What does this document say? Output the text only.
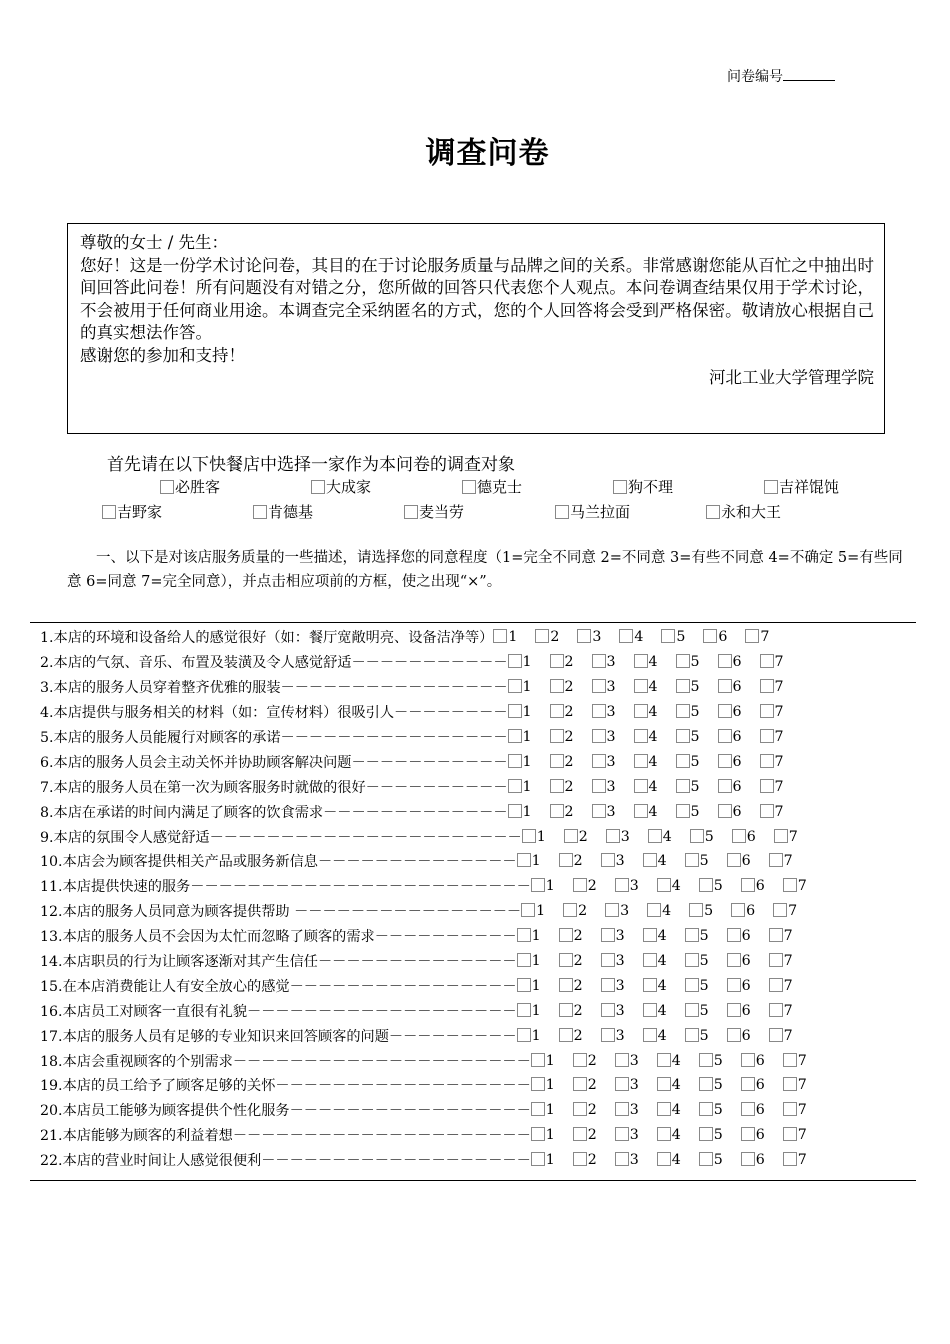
问卷编号
调查问卷

尊敬的女士 / 先生：

您好！这是一份学术讨论问卷，其目的在于讨论服务质量与品牌之间的关系。非常感谢您能从百忙之中抽出时间回答此问卷！所有问题没有对错之分，您所做的回答只代表您个人观点。本问卷调查结果仅用于学术讨论，不会被用于任何商业用途。本调查完全采纳匿名的方式，您的个人回答将会受到严格保密。敬请放心根据自己的真实想法作答。

感谢您的参加和支持！

河北工业大学管理学院

首先请在以下快餐店中选择一家作为本问卷的调查对象
必胜客	大成家	德克士	狗不理	吉祥馄饨
吉野家	肯德基	麦当劳	马兰拉面	永和大王
一、以下是对该店服务质量的一些描述，请选择您的同意程度（1=完全不同意 2=不同意 3=有些不同意 4=不确定 5=有些同意 6=同意 7=完全同意），并点击相应项前的方框，使之出现“×”。
1.本店的环境和设备给人的感觉很好（如：餐厅宽敞明亮、设备洁净等）	1	2	3	4	5	6	7
2.本店的气氛、音乐、布置及装潢及令人感觉舒适－－－－－－－－－－－	1	2	3	4	5	6	7
3.本店的服务人员穿着整齐优雅的服装－－－－－－－－－－－－－－－－	1	2	3	4	5	6	7
4.本店提供与服务相关的材料（如：宣传材料）很吸引人－－－－－－－－	1	2	3	4	5	6	7
5.本店的服务人员能履行对顾客的承诺－－－－－－－－－－－－－－－－	1	2	3	4	5	6	7
6.本店的服务人员会主动关怀并协助顾客解决问题－－－－－－－－－－－	1	2	3	4	5	6	7
7.本店的服务人员在第一次为顾客服务时就做的很好－－－－－－－－－－	1	2	3	4	5	6	7
8.本店在承诺的时间内满足了顾客的饮食需求－－－－－－－－－－－－－	1	2	3	4	5	6	7
9.本店的氛围令人感觉舒适－－－－－－－－－－－－－－－－－－－－－－	1	2	3	4	5	6	7
10.本店会为顾客提供相关产品或服务新信息－－－－－－－－－－－－－－	1	2	3	4	5	6	7
11.本店提供快速的服务－－－－－－－－－－－－－－－－－－－－－－－－	1	2	3	4	5	6	7
12.本店的服务人员同意为顾客提供帮助 －－－－－－－－－－－－－－－－	1	2	3	4	5	6	7
13.本店的服务人员不会因为太忙而忽略了顾客的需求－－－－－－－－－－	1	2	3	4	5	6	7
14.本店职员的行为让顾客逐渐对其产生信任－－－－－－－－－－－－－－	1	2	3	4	5	6	7
15.在本店消费能让人有安全放心的感觉－－－－－－－－－－－－－－－－	1	2	3	4	5	6	7
16.本店员工对顾客一直很有礼貌－－－－－－－－－－－－－－－－－－－	1	2	3	4	5	6	7
17.本店的服务人员有足够的专业知识来回答顾客的问题－－－－－－－－－	1	2	3	4	5	6	7
18.本店会重视顾客的个别需求－－－－－－－－－－－－－－－－－－－－－	1	2	3	4	5	6	7
19.本店的员工给予了顾客足够的关怀－－－－－－－－－－－－－－－－－－	1	2	3	4	5	6	7
20.本店员工能够为顾客提供个性化服务－－－－－－－－－－－－－－－－－	1	2	3	4	5	6	7
21.本店能够为顾客的利益着想－－－－－－－－－－－－－－－－－－－－－	1	2	3	4	5	6	7
22.本店的营业时间让人感觉很便利－－－－－－－－－－－－－－－－－－－	1	2	3	4	5	6	7
